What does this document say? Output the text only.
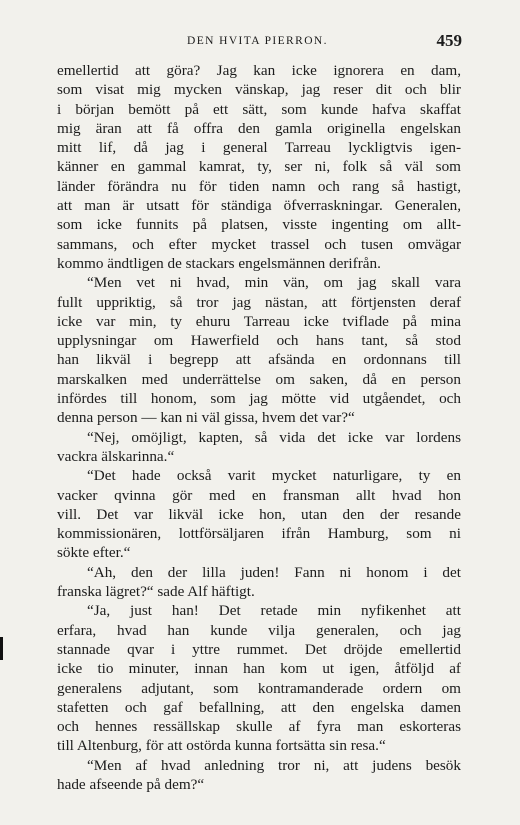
DEN HVITA PIERRON.	459
emellertid att göra? Jag kan icke ignorera en dam,
som visat mig mycken vänskap, jag reser dit och blir
i början bemött på ett sätt, som kunde hafva skaffat
mig äran att få offra den gamla originella engelskan
mitt lif, då jag i general Tarreau lyckligtvis igen-
känner en gammal kamrat, ty, ser ni, folk så väl som
länder förändra nu för tiden namn och rang så hastigt,
att man är utsatt för ständiga öfverraskningar. Generalen,
som icke funnits på platsen, visste ingenting om allt-
sammans, och efter mycket trassel och tusen omvägar
kommo ändtligen de stackars engelsmännen derifrån.
“Men vet ni hvad, min vän, om jag skall vara
fullt uppriktig, så tror jag nästan, att förtjensten deraf
icke var min, ty ehuru Tarreau icke tviflade på mina
upplysningar om Hawerfield och hans tant, så stod
han likväl i begrepp att afsända en ordonnans till
marskalken med underrättelse om saken, då en person
infördes till honom, som jag mötte vid utgåendet, och
denna person — kan ni väl gissa, hvem det var?“
“Nej, omöjligt, kapten, så vida det icke var lordens
vackra älskarinna.“
“Det hade också varit mycket naturligare, ty en
vacker qvinna gör med en fransman allt hvad hon
vill. Det var likväl icke hon, utan den der resande
kommissionären, lottförsäljaren ifrån Hamburg, som ni
sökte efter.“
“Ah, den der lilla juden! Fann ni honom i det
franska lägret?“ sade Alf häftigt.
“Ja, just han! Det retade min nyfikenhet att
erfara, hvad han kunde vilja generalen, och jag
stannade qvar i yttre rummet. Det dröjde emellertid
icke tio minuter, innan han kom ut igen, åtföljd af
generalens adjutant, som kontramanderade ordern om
stafetten och gaf befallning, att den engelska damen
och hennes ressällskap skulle af fyra man eskorteras
till Altenburg, för att ostörda kunna fortsätta sin resa.“
“Men af hvad anledning tror ni, att judens besök
hade afseende på dem?“
